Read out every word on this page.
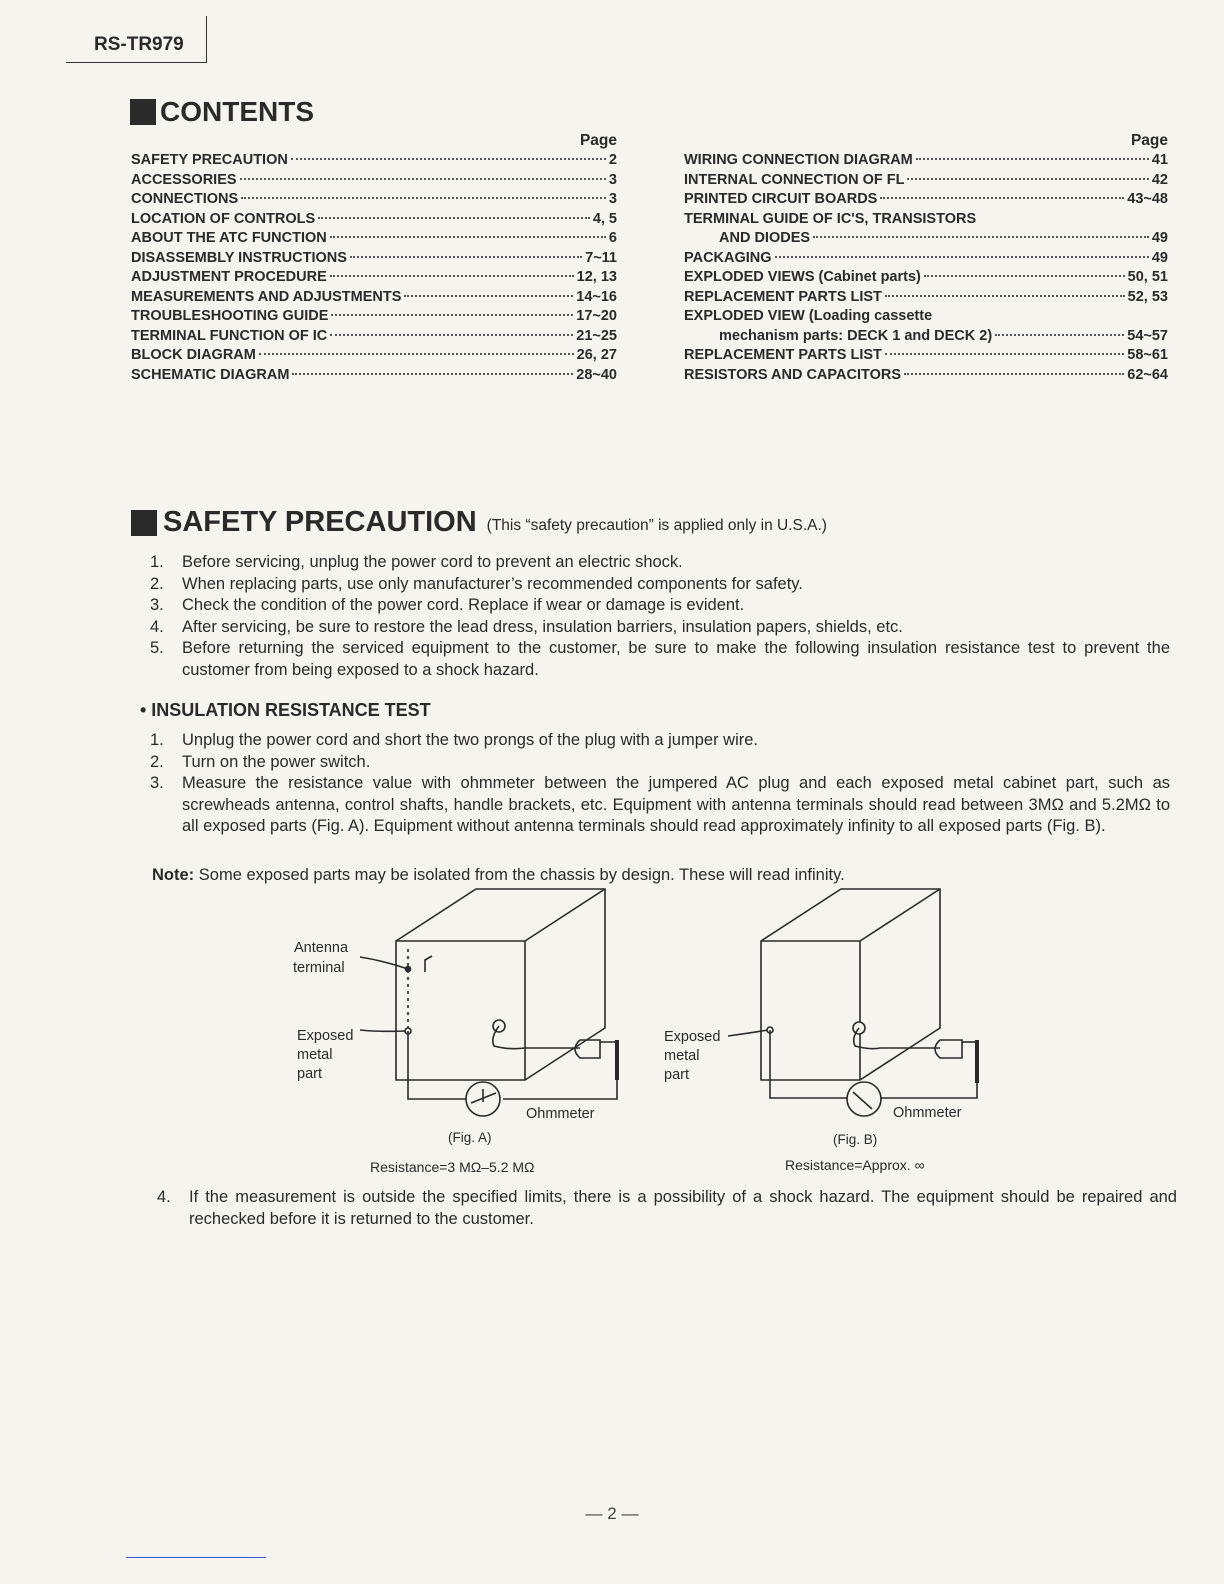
RS-TR979
CONTENTS
Page
SAFETY PRECAUTION	2
ACCESSORIES	3
CONNECTIONS	3
LOCATION OF CONTROLS	4, 5
ABOUT THE ATC FUNCTION	6
DISASSEMBLY INSTRUCTIONS	7~11
ADJUSTMENT PROCEDURE	12, 13
MEASUREMENTS AND ADJUSTMENTS	14~16
TROUBLESHOOTING GUIDE	17~20
TERMINAL FUNCTION OF IC	21~25
BLOCK DIAGRAM	26, 27
SCHEMATIC DIAGRAM	28~40
Page
WIRING CONNECTION DIAGRAM	41
INTERNAL CONNECTION OF FL	42
PRINTED CIRCUIT BOARDS	43~48
TERMINAL GUIDE OF IC'S, TRANSISTORS
AND DIODES	49
PACKAGING	49
EXPLODED VIEWS (Cabinet parts)	50, 51
REPLACEMENT PARTS LIST	52, 53
EXPLODED VIEW (Loading cassette
mechanism parts: DECK 1 and DECK 2)	54~57
REPLACEMENT PARTS LIST	58~61
RESISTORS AND CAPACITORS	62~64
SAFETY PRECAUTION (This “safety precaution” is applied only in U.S.A.)
1.	Before servicing, unplug the power cord to prevent an electric shock.
2.	When replacing parts, use only manufacturer’s recommended components for safety.
3.	Check the condition of the power cord. Replace if wear or damage is evident.
4.	After servicing, be sure to restore the lead dress, insulation barriers, insulation papers, shields, etc.
5.	Before returning the serviced equipment to the customer, be sure to make the following insulation resistance test to prevent the customer from being exposed to a shock hazard.
• INSULATION RESISTANCE TEST
1.	Unplug the power cord and short the two prongs of the plug with a jumper wire.
2.	Turn on the power switch.
3.	Measure the resistance value with ohmmeter between the jumpered AC plug and each exposed metal cabinet part, such as screwheads antenna, control shafts, handle brackets, etc. Equipment with antenna terminals should read between 3MΩ and 5.2MΩ to all exposed parts (Fig. A). Equipment without antenna terminals should read approximately infinity to all exposed parts (Fig. B).
Note: Some exposed parts may be isolated from the chassis by design. These will read infinity.
Antenna
terminal
Exposed
metal
part
Ohmmeter
(Fig. A)
Resistance=3 MΩ–5.2 MΩ
Exposed
metal
part
Ohmmeter
(Fig. B)
Resistance=Approx. ∞
4.	If the measurement is outside the specified limits, there is a possibility of a shock hazard. The equipment should be repaired and rechecked before it is returned to the customer.
— 2 —
